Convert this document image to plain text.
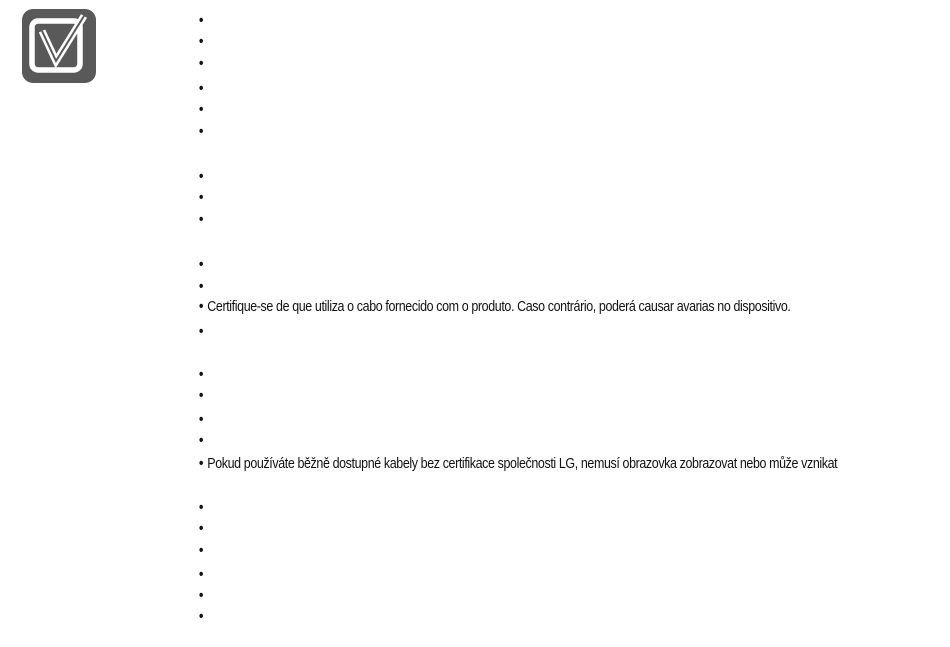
•
•
•
•
•
•
•
•
•
•
•
• Certifique-se de que utiliza o cabo fornecido com o produto. Caso contrário, poderá causar avarias no dispositivo.
•
•
•
•
•
• Pokud používáte běžně dostupné kabely bez certifikace společnosti LG, nemusí obrazovka zobrazovat nebo může vznikat
•
•
•
•
•
•
